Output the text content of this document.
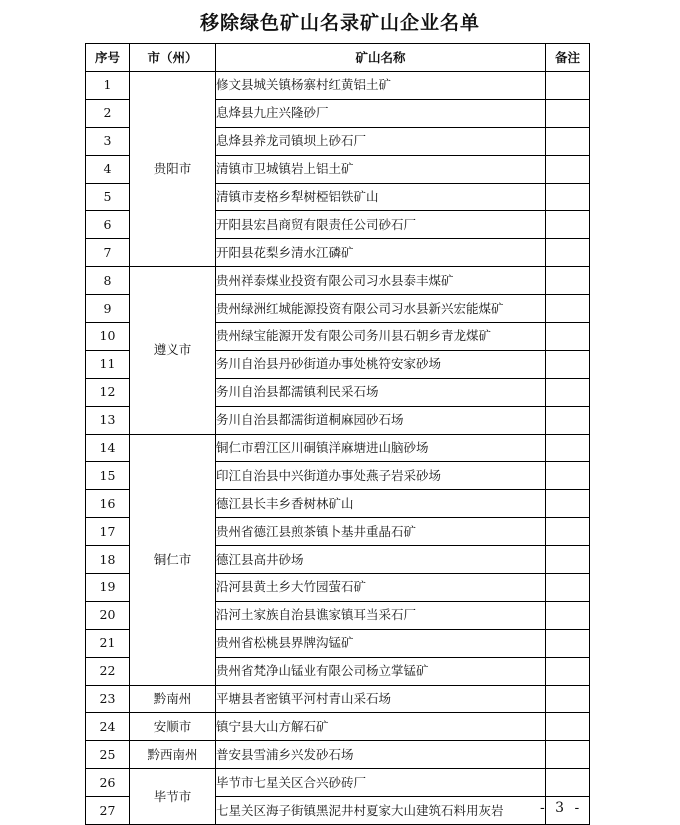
移除绿色矿山名录矿山企业名单
序号	市（州）	矿山名称	备注
1	贵阳市	修文县城关镇杨寨村红黄铝土矿	
2		息烽县九庄兴隆砂厂	
3		息烽县养龙司镇坝上砂石厂	
4		清镇市卫城镇岩上铝土矿	
5		清镇市麦格乡犁树椏铝铁矿山	
6		开阳县宏昌商贸有限责任公司砂石厂	
7		开阳县花梨乡清水江磷矿	
8	遵义市	贵州祥泰煤业投资有限公司习水县泰丰煤矿	
9		贵州绿洲红城能源投资有限公司习水县新兴宏能煤矿	
10		贵州绿宝能源开发有限公司务川县石朝乡青龙煤矿	
11		务川自治县丹砂街道办事处桃符安家砂场	
12		务川自治县都濡镇利民采石场	
13		务川自治县都濡街道桐麻园砂石场	
14	铜仁市	铜仁市碧江区川硐镇洋麻塘进山脑砂场	
15		印江自治县中兴街道办事处燕子岩采砂场	
16		德江县长丰乡香树林矿山	
17		贵州省德江县煎茶镇卜基井重晶石矿	
18		德江县高井砂场	
19		沿河县黄土乡大竹园萤石矿	
20		沿河土家族自治县谯家镇耳当采石厂	
21		贵州省松桃县界牌沟锰矿	
22		贵州省梵净山锰业有限公司杨立掌锰矿	
23	黔南州	平塘县者密镇平河村青山采石场	
24	安顺市	镇宁县大山方解石矿	
25	黔西南州	普安县雪浦乡兴发砂石场	
26	毕节市	毕节市七星关区合兴砂砖厂	
27		七星关区海子街镇黑泥井村夏家大山建筑石料用灰岩		- 3 -
